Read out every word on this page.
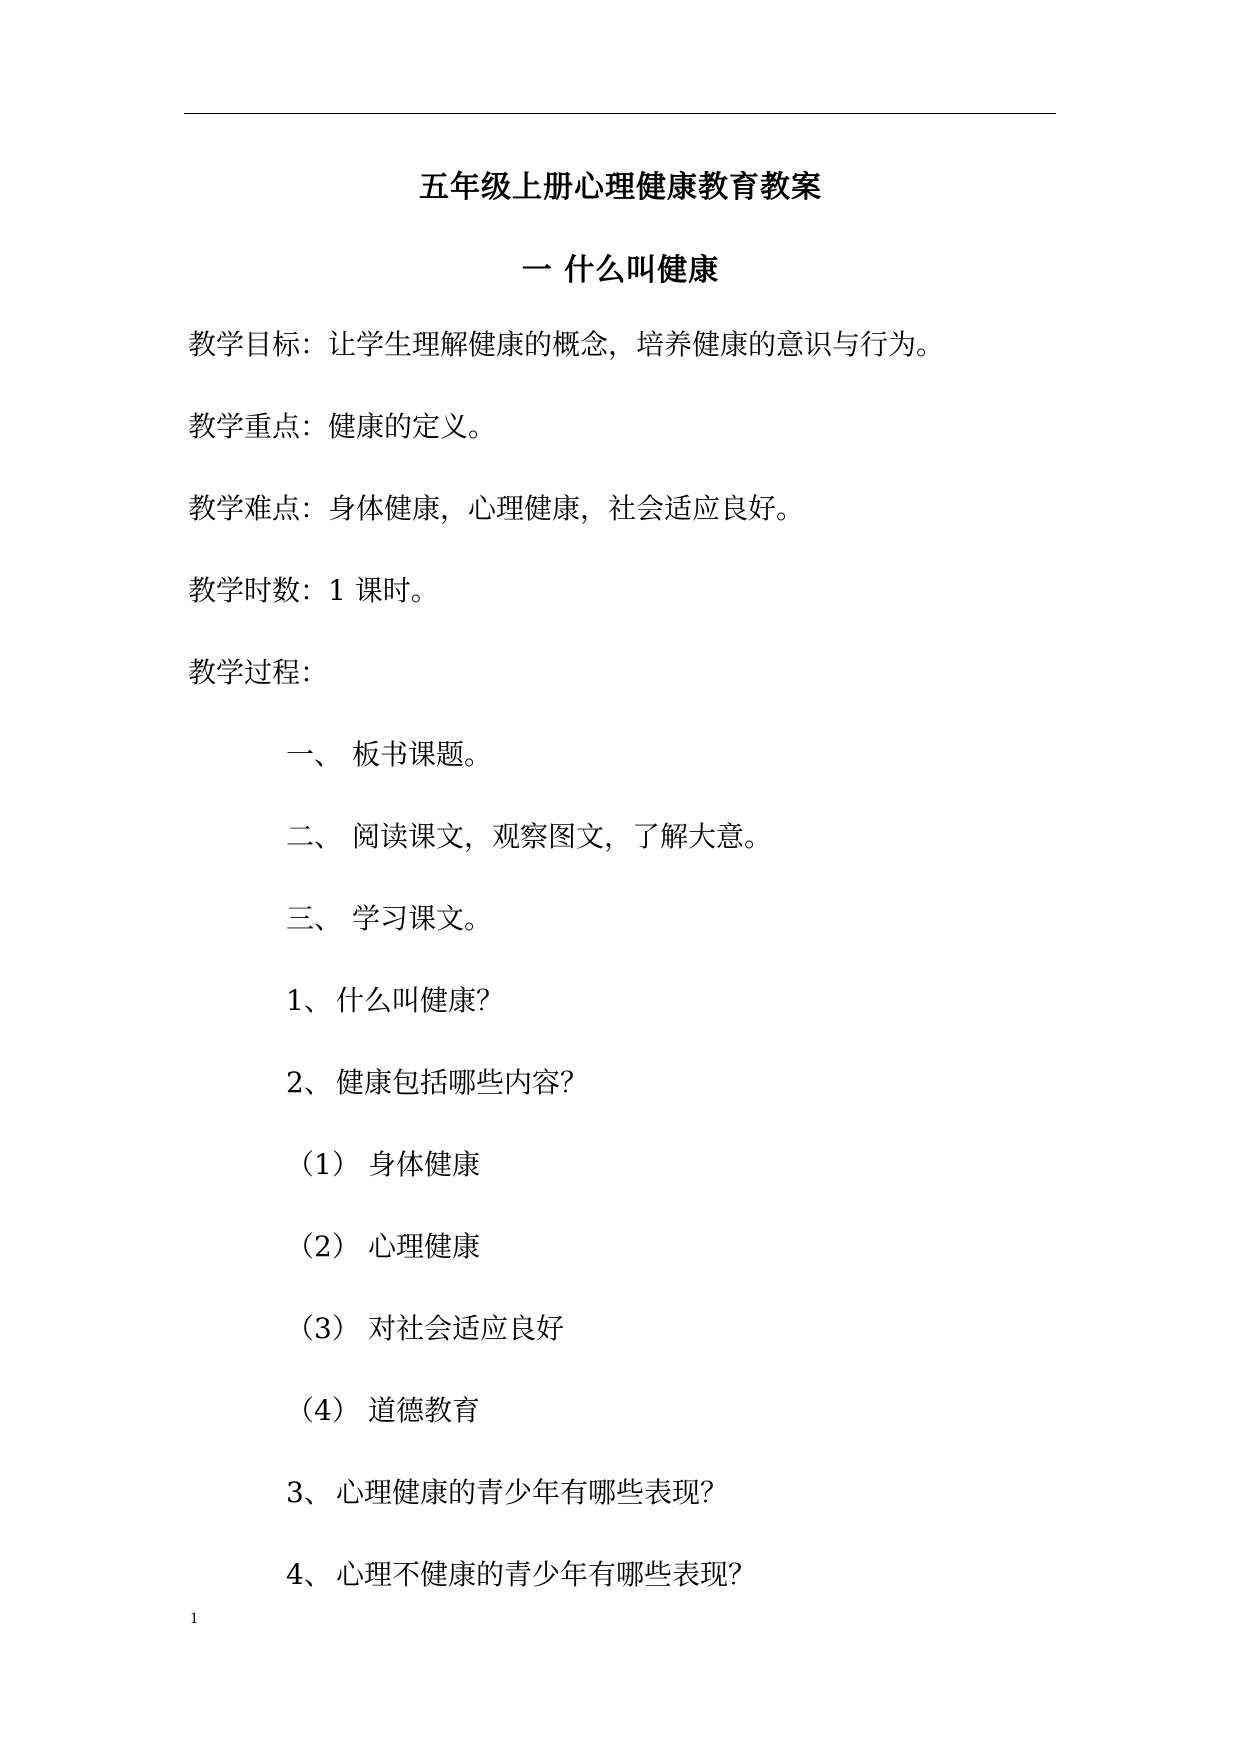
五年级上册心理健康教育教案
一 什么叫健康
教学目标：让学生理解健康的概念，培养健康的意识与行为。
教学重点：健康的定义。
教学难点：身体健康，心理健康，社会适应良好。
教学时数：1 课时。
教学过程：
一、 板书课题。
二、 阅读课文，观察图文，了解大意。
三、 学习课文。
1、 什么叫健康？
2、 健康包括哪些内容？
（1） 身体健康
（2） 心理健康
（3） 对社会适应良好
（4） 道德教育
3、 心理健康的青少年有哪些表现？
4、 心理不健康的青少年有哪些表现？
1
